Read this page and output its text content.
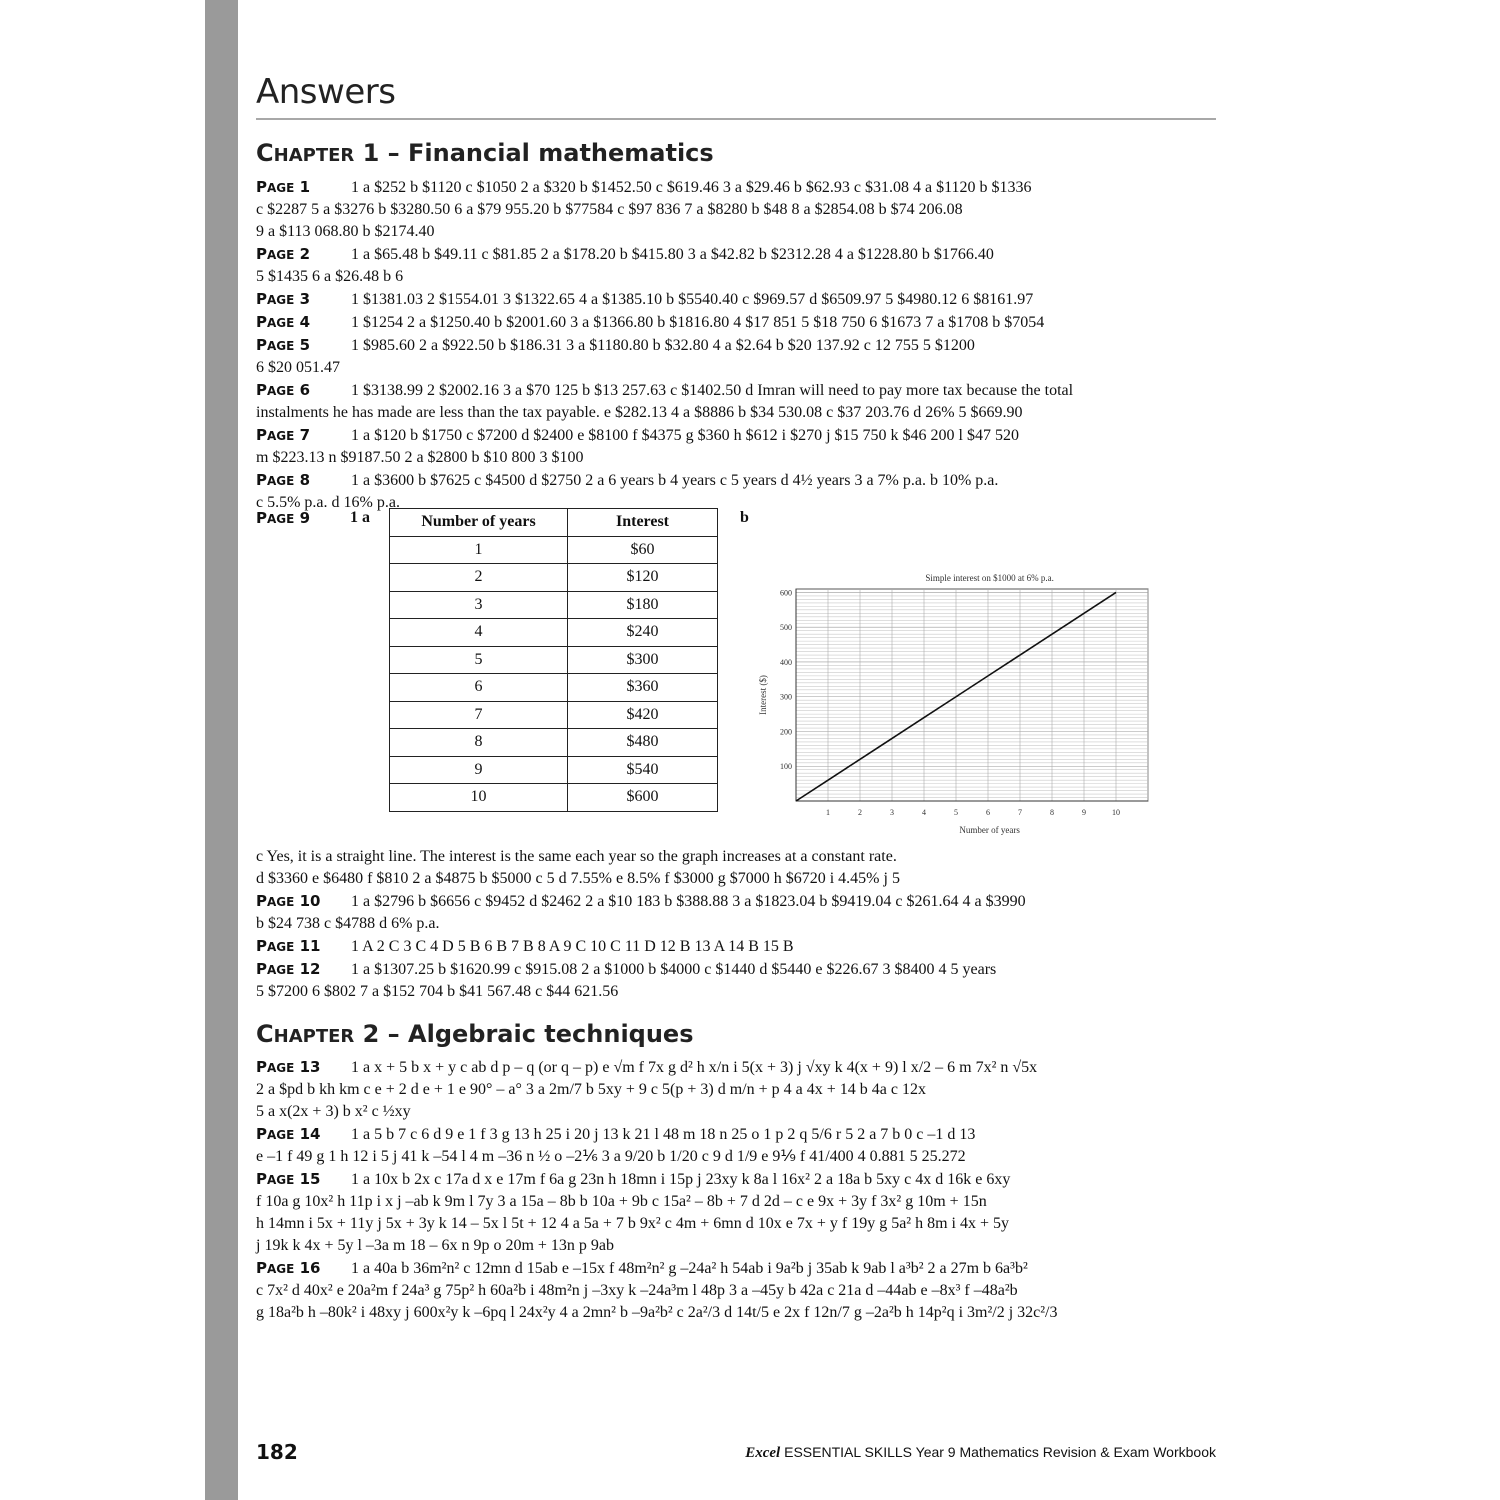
Answers
CHAPTER 1 – Financial mathematics
PAGE 1	1 a $252 b $1120 c $1050 2 a $320 b $1452.50 c $619.46 3 a $29.46 b $62.93 c $31.08 4 a $1120 b $1336
c $2287 5 a $3276 b $3280.50 6 a $79 955.20 b $77584 c $97 836 7 a $8280 b $48 8 a $2854.08 b $74 206.08
9 a $113 068.80 b $2174.40
PAGE 2	1 a $65.48 b $49.11 c $81.85 2 a $178.20 b $415.80 3 a $42.82 b $2312.28 4 a $1228.80 b $1766.40
5 $1435 6 a $26.48 b 6
PAGE 3	1 $1381.03 2 $1554.01 3 $1322.65 4 a $1385.10 b $5540.40 c $969.57 d $6509.97 5 $4980.12 6 $8161.97
PAGE 4	1 $1254 2 a $1250.40 b $2001.60 3 a $1366.80 b $1816.80 4 $17 851 5 $18 750 6 $1673 7 a $1708 b $7054
PAGE 5	1 $985.60 2 a $922.50 b $186.31 3 a $1180.80 b $32.80 4 a $2.64 b $20 137.92 c 12 755 5 $1200
6 $20 051.47
PAGE 6	1 $3138.99 2 $2002.16 3 a $70 125 b $13 257.63 c $1402.50 d Imran will need to pay more tax because the total
instalments he has made are less than the tax payable. e $282.13 4 a $8886 b $34 530.08 c $37 203.76 d 26% 5 $669.90
PAGE 7	1 a $120 b $1750 c $7200 d $2400 e $8100 f $4375 g $360 h $612 i $270 j $15 750 k $46 200 l $47 520
m $223.13 n $9187.50 2 a $2800 b $10 800 3 $100
PAGE 8	1 a $3600 b $7625 c $4500 d $2750 2 a 6 years b 4 years c 5 years d 4½ years 3 a 7% p.a. b 10% p.a.
c 5.5% p.a. d 16% p.a.
PAGE 9	1 a	Number of years	Interest
1	$60
2	$120
3	$180
4	$240
5	$300
6	$360
7	$420
8	$480
9	$540
10	$600
b
1	2	3	4	5	6	7	8	9	10
100
200
300
400
500
600
Simple interest on $1000 at 6% p.a.
Number of years
Interest ($)
c Yes, it is a straight line. The interest is the same each year so the graph increases at a constant rate.
d $3360 e $6480 f $810 2 a $4875 b $5000 c 5 d 7.55% e 8.5% f $3000 g $7000 h $6720 i 4.45% j 5
PAGE 10 1 a $2796 b $6656 c $9452 d $2462 2 a $10 183 b $388.88 3 a $1823.04 b $9419.04 c $261.64 4 a $3990
b $24 738 c $4788 d 6% p.a.
PAGE 11 1 A 2 C 3 C 4 D 5 B 6 B 7 B 8 A 9 C 10 C 11 D 12 B 13 A 14 B 15 B
PAGE 12 1 a $1307.25 b $1620.99 c $915.08 2 a $1000 b $4000 c $1440 d $5440 e $226.67 3 $8400 4 5 years
5 $7200 6 $802 7 a $152 704 b $41 567.48 c $44 621.56
CHAPTER 2 – Algebraic techniques
PAGE 13 1 a x + 5 b x + y c ab d p – q (or q – p) e √m f 7x g d² h x/n i 5(x + 3) j √xy k 4(x + 9) l x/2 – 6 m 7x² n √5x
2 a $pd b kh km c e + 2 d e + 1 e 90° – a° 3 a 2m/7 b 5xy + 9 c 5(p + 3) d m/n + p 4 a 4x + 14 b 4a c 12x
5 a x(2x + 3) b x² c ½xy
PAGE 14 1 a 5 b 7 c 6 d 9 e 1 f 3 g 13 h 25 i 20 j 13 k 21 l 48 m 18 n 25 o 1 p 2 q 5/6 r 5 2 a 7 b 0 c –1 d 13
e –1 f 49 g 1 h 12 i 5 j 41 k –54 l 4 m –36 n ½ o –2⅙ 3 a 9/20 b 1/20 c 9 d 1/9 e 9⅑ f 41/400 4 0.881 5 25.272
PAGE 15 1 a 10x b 2x c 17a d x e 17m f 6a g 23n h 18mn i 15p j 23xy k 8a l 16x² 2 a 18a b 5xy c 4x d 16k e 6xy
f 10a g 10x² h 11p i x j –ab k 9m l 7y 3 a 15a – 8b b 10a + 9b c 15a² – 8b + 7 d 2d – c e 9x + 3y f 3x² g 10m + 15n
h 14mn i 5x + 11y j 5x + 3y k 14 – 5x l 5t + 12 4 a 5a + 7 b 9x² c 4m + 6mn d 10x e 7x + y f 19y g 5a² h 8m i 4x + 5y
j 19k k 4x + 5y l –3a m 18 – 6x n 9p o 20m + 13n p 9ab
PAGE 16 1 a 40a b 36m²n² c 12mn d 15ab e –15x f 48m²n² g –24a² h 54ab i 9a²b j 35ab k 9ab l a³b² 2 a 27m b 6a³b²
c 7x² d 40x² e 20a²m f 24a³ g 75p² h 60a²b i 48m²n j –3xy k –24a³m l 48p 3 a –45y b 42a c 21a d –44ab e –8x³ f –48a²b
g 18a²b h –80k² i 48xy j 600x²y k –6pq l 24x²y 4 a 2mn² b –9a²b² c 2a²/3 d 14t/5 e 2x f 12n/7 g –2a²b h 14p²q i 3m²/2 j 32c²/3
182	Excel ESSENTIAL SKILLS Year 9 Mathematics Revision & Exam Workbook
